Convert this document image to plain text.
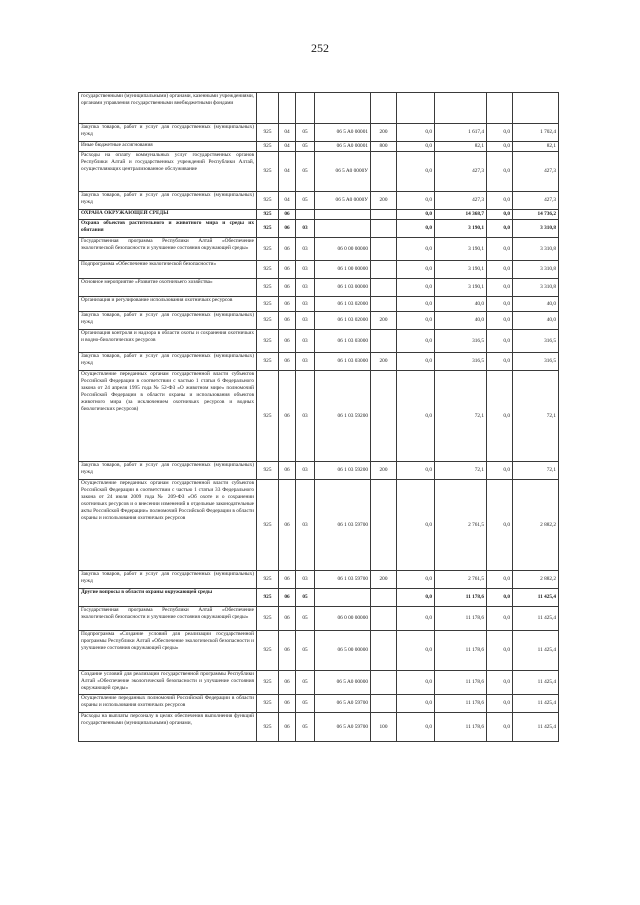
252
государственными (муниципальными) органами, казенными учреждениями, органами управления государственными внебюджетными фондами									
Закупка товаров, работ и услуг для государственных (муниципальных) нужд	925	04	05	06 5 A0 00001	200	0,0	1 617,4	0,0	1 702,4
Иные бюджетные ассигнования	925	04	05	06 5 A0 00001	800	0,0	82,1	0,0	82,1
Расходы на оплату коммунальных услуг государственных органов Республики Алтай и государственных учреждений Республики Алтай, осуществляющих централизованное обслуживание	925	04	05	06 5 A0 0000У		0,0	427,3	0,0	427,3
Закупка товаров, работ и услуг для государственных (муниципальных) нужд	925	04	05	06 5 A0 0000У	200	0,0	427,3	0,0	427,3
ОХРАНА ОКРУЖАЮЩЕЙ СРЕДЫ	925	06				0,0	14 368,7	0,0	14 736,2
Охрана объектов растительного и животного мира и среды их обитания	925	06	03			0,0	3 190,1	0,0	3 310,8
Государственная программа Республики Алтай «Обеспечение экологической безопасности и улучшение состояния окружающей среды»	925	06	03	06 0 00 00000		0,0	3 190,1	0,0	3 310,8
Подпрограмма «Обеспечение экологической безопасности»	925	06	03	06 1 00 00000		0,0	3 190,1	0,0	3 310,8
Основное мероприятие «Развитие охотничьего хозяйства»	925	06	03	06 1 03 00000		0,0	3 190,1	0,0	3 310,8
Организация и регулирование использования охотничьих ресурсов	925	06	03	06 1 03 02000		0,0	40,0	0,0	40,0
Закупка товаров, работ и услуг для государственных (муниципальных) нужд	925	06	03	06 1 03 02000	200	0,0	40,0	0,0	40,0
Организация контроля и надзора в области охоты и сохранения охотничьих и водно-биологических ресурсов	925	06	03	06 1 03 03000		0,0	316,5	0,0	316,5
Закупка товаров, работ и услуг для государственных (муниципальных) нужд	925	06	03	06 1 03 03000	200	0,0	316,5	0,0	316,5
Осуществление переданных органам государственной власти субъектов Российской Федерации в соответствии с частью 1 статьи 6 Федерального закона от 24 апреля 1995 года № 52-ФЗ «О животном мире» полномочий Российской Федерации в области охраны и использования объектов животного мира (за исключением охотничьих ресурсов и водных биологических ресурсов)	925	06	03	06 1 03 59200		0,0	72,1	0,0	72,1
Закупка товаров, работ и услуг для государственных (муниципальных) нужд	925	06	03	06 1 03 59200	200	0,0	72,1	0,0	72,1
Осуществление переданных органам государственной власти субъектов Российской Федерации в соответствии с частью 1 статьи 33 Федерального закона от 24 июля 2009 года № 209-ФЗ «Об охоте и о сохранении охотничьих ресурсов и о внесении изменений в отдельные законодательные акты Российской Федерации» полномочий Российской Федерации в области охраны и использования охотничьих ресурсов	925	06	03	06 1 03 59700		0,0	2 761,5	0,0	2 882,2
Закупка товаров, работ и услуг для государственных (муниципальных) нужд	925	06	03	06 1 03 59700	200	0,0	2 761,5	0,0	2 882,2
Другие вопросы в области охраны окружающей среды	925	06	05			0,0	11 178,6	0,0	11 425,4
Государственная программа Республики Алтай «Обеспечение экологической безопасности и улучшение состояния окружающей среды»	925	06	05	06 0 00 00000		0,0	11 178,6	0,0	11 425,4
Подпрограмма «Создание условий для реализации государственной программы Республики Алтай «Обеспечение экологической безопасности и улучшение состояния окружающей среды»	925	06	05	06 5 00 00000		0,0	11 178,6	0,0	11 425,4
Создание условий для реализации государственной программы Республики Алтай «Обеспечение экологической безопасности и улучшение состояния окружающей среды»	925	06	05	06 5 A0 00000		0,0	11 178,6	0,0	11 425,4
Осуществление переданных полномочий Российской Федерации в области охраны и использования охотничьих ресурсов	925	06	05	06 5 A0 59700		0,0	11 178,6	0,0	11 425,4
Расходы на выплаты персоналу в целях обеспечения выполнения функций государственными (муниципальными) органами,	925	06	05	06 5 A0 59700	100	0,0	11 178,6	0,0	11 425,4
